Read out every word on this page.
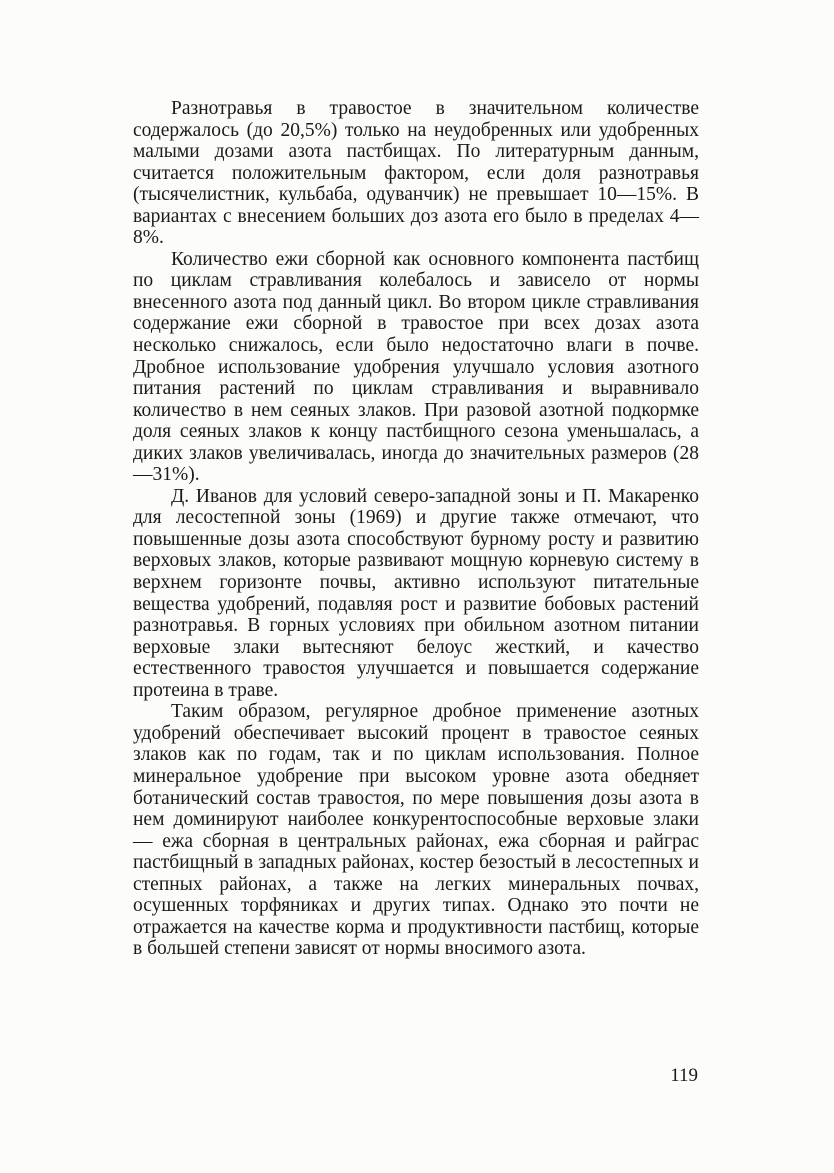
Разнотравья в травостое в значительном количестве содержалось (до 20,5%) только на неудобренных или удобренных малыми дозами азота пастбищах. По литературным данным, считается положительным фактором, если доля разнотравья (тысячелистник, кульбаба, одуванчик) не превышает 10—15%. В вариантах с внесением больших доз азота его было в пределах 4—8%.

Количество ежи сборной как основного компонента пастбищ по циклам стравливания колебалось и зависело от нормы внесенного азота под данный цикл. Во втором цикле стравливания содержание ежи сборной в травостое при всех дозах азота несколько снижалось, если было недостаточно влаги в почве. Дробное использование удобрения улучшало условия азотного питания растений по циклам стравливания и выравнивало количество в нем сеяных злаков. При разовой азотной подкормке доля сеяных злаков к концу пастбищного сезона уменьшалась, а диких злаков увеличивалась, иногда до значительных размеров (28—31%).

Д. Иванов для условий северо-западной зоны и П. Макаренко для лесостепной зоны (1969) и другие также отмечают, что повышенные дозы азота способствуют бурному росту и развитию верховых злаков, которые развивают мощную корневую систему в верхнем горизонте почвы, активно используют питательные вещества удобрений, подавляя рост и развитие бобовых растений разнотравья. В горных условиях при обильном азотном питании верховые злаки вытесняют белоус жесткий, и качество естественного травостоя улучшается и повышается содержание протеина в траве.

Таким образом, регулярное дробное применение азотных удобрений обеспечивает высокий процент в травостое сеяных злаков как по годам, так и по циклам использования. Полное минеральное удобрение при высоком уровне азота обедняет ботанический состав травостоя, по мере повышения дозы азота в нем доминируют наиболее конкурентоспособные верховые злаки — ежа сборная в центральных районах, ежа сборная и райграс пастбищный в западных районах, костер безостый в лесостепных и степных районах, а также на легких минеральных почвах, осушенных торфяниках и других типах. Однако это почти не отражается на качестве корма и продуктивности пастбищ, которые в большей степени зависят от нормы вносимого азота.

119
